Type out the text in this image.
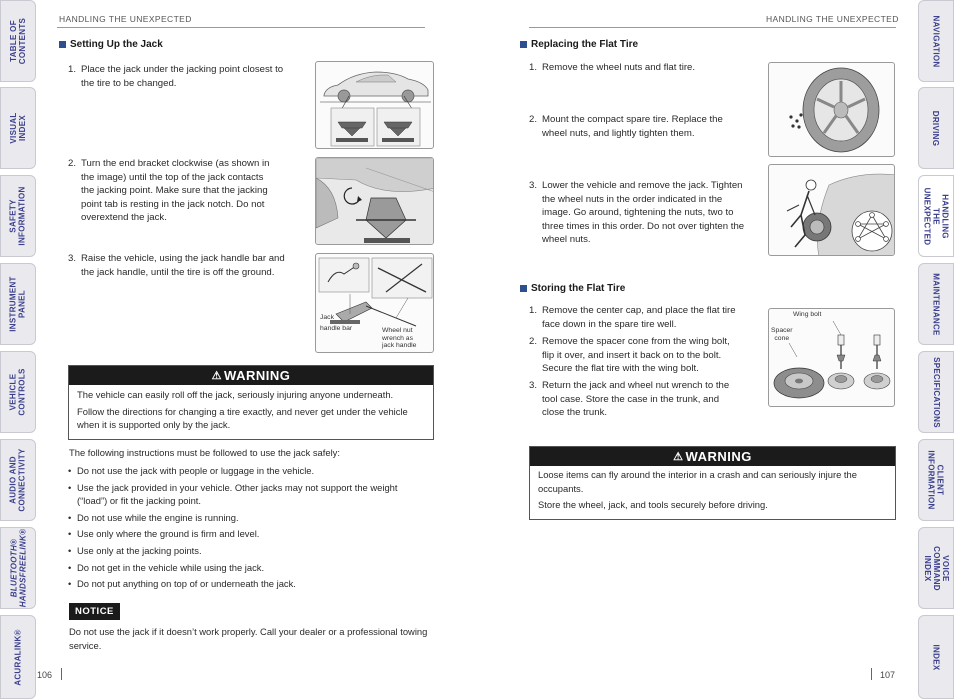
TABLE OF
CONTENTS
VISUAL INDEX
SAFETY
INFORMATION
INSTRUMENT
PANEL
VEHICLE
CONTROLS
AUDIO AND
CONNECTIVITY
BLUETOOTH®
HANDSFREELINK®
ACURALINK®
NAVIGATION
DRIVING
HANDLING THE
UNEXPECTED
MAINTENANCE
SPECIFICATIONS
CLIENT
INFORMATION
VOICE COMMAND
INDEX
INDEX
HANDLING THE UNEXPECTED
Setting Up the Jack
1. Place the jack under the jacking point closest to
the tire to be changed.
2. Turn the end bracket clockwise (as shown in
the image) until the top of the jack contacts
the jacking point. Make sure that the jacking
point tab is resting in the jack notch. Do not
overextend the jack.
3. Raise the vehicle, using the jack handle bar and
the jack handle, until the tire is off the ground.
Jack
handle bar	Wheel nut
wrench as
jack handle
⚠ WARNING

The vehicle can easily roll off the jack, seriously injuring anyone underneath.

Follow the directions for changing a tire exactly, and never get under the vehicle when it is supported only by the jack.

The following instructions must be followed to use the jack safely:
• Do not use the jack with people or luggage in the vehicle.
• Use the jack provided in your vehicle. Other jacks may not support the weight (“load”) or fit the jacking point.
• Do not use while the engine is running.
• Use only where the ground is firm and level.
• Use only at the jacking points.
• Do not get in the vehicle while using the jack.
• Do not put anything on top of or underneath the jack.
NOTICE
Do not use the jack if it doesn’t work properly. Call your dealer or a professional towing service.
106
HANDLING THE UNEXPECTED
Replacing the Flat Tire
1. Remove the wheel nuts and flat tire.
2. Mount the compact spare tire. Replace the
wheel nuts, and lightly tighten them.
3. Lower the vehicle and remove the jack. Tighten
the wheel nuts in the order indicated in the
image. Go around, tightening the nuts, two to
three times in this order. Do not over tighten the
wheel nuts.
Storing the Flat Tire
1. Remove the center cap, and place the flat tire
face down in the spare tire well.
2. Remove the spacer cone from the wing bolt,
flip it over, and insert it back on to the bolt.
Secure the flat tire with the wing bolt.
3. Return the jack and wheel nut wrench to the
tool case. Store the case in the trunk, and
close the trunk.
Wing bolt
Spacer
cone
⚠ WARNING

Loose items can fly around the interior in a crash and can seriously injure the occupants.

Store the wheel, jack, and tools securely before driving.

107
